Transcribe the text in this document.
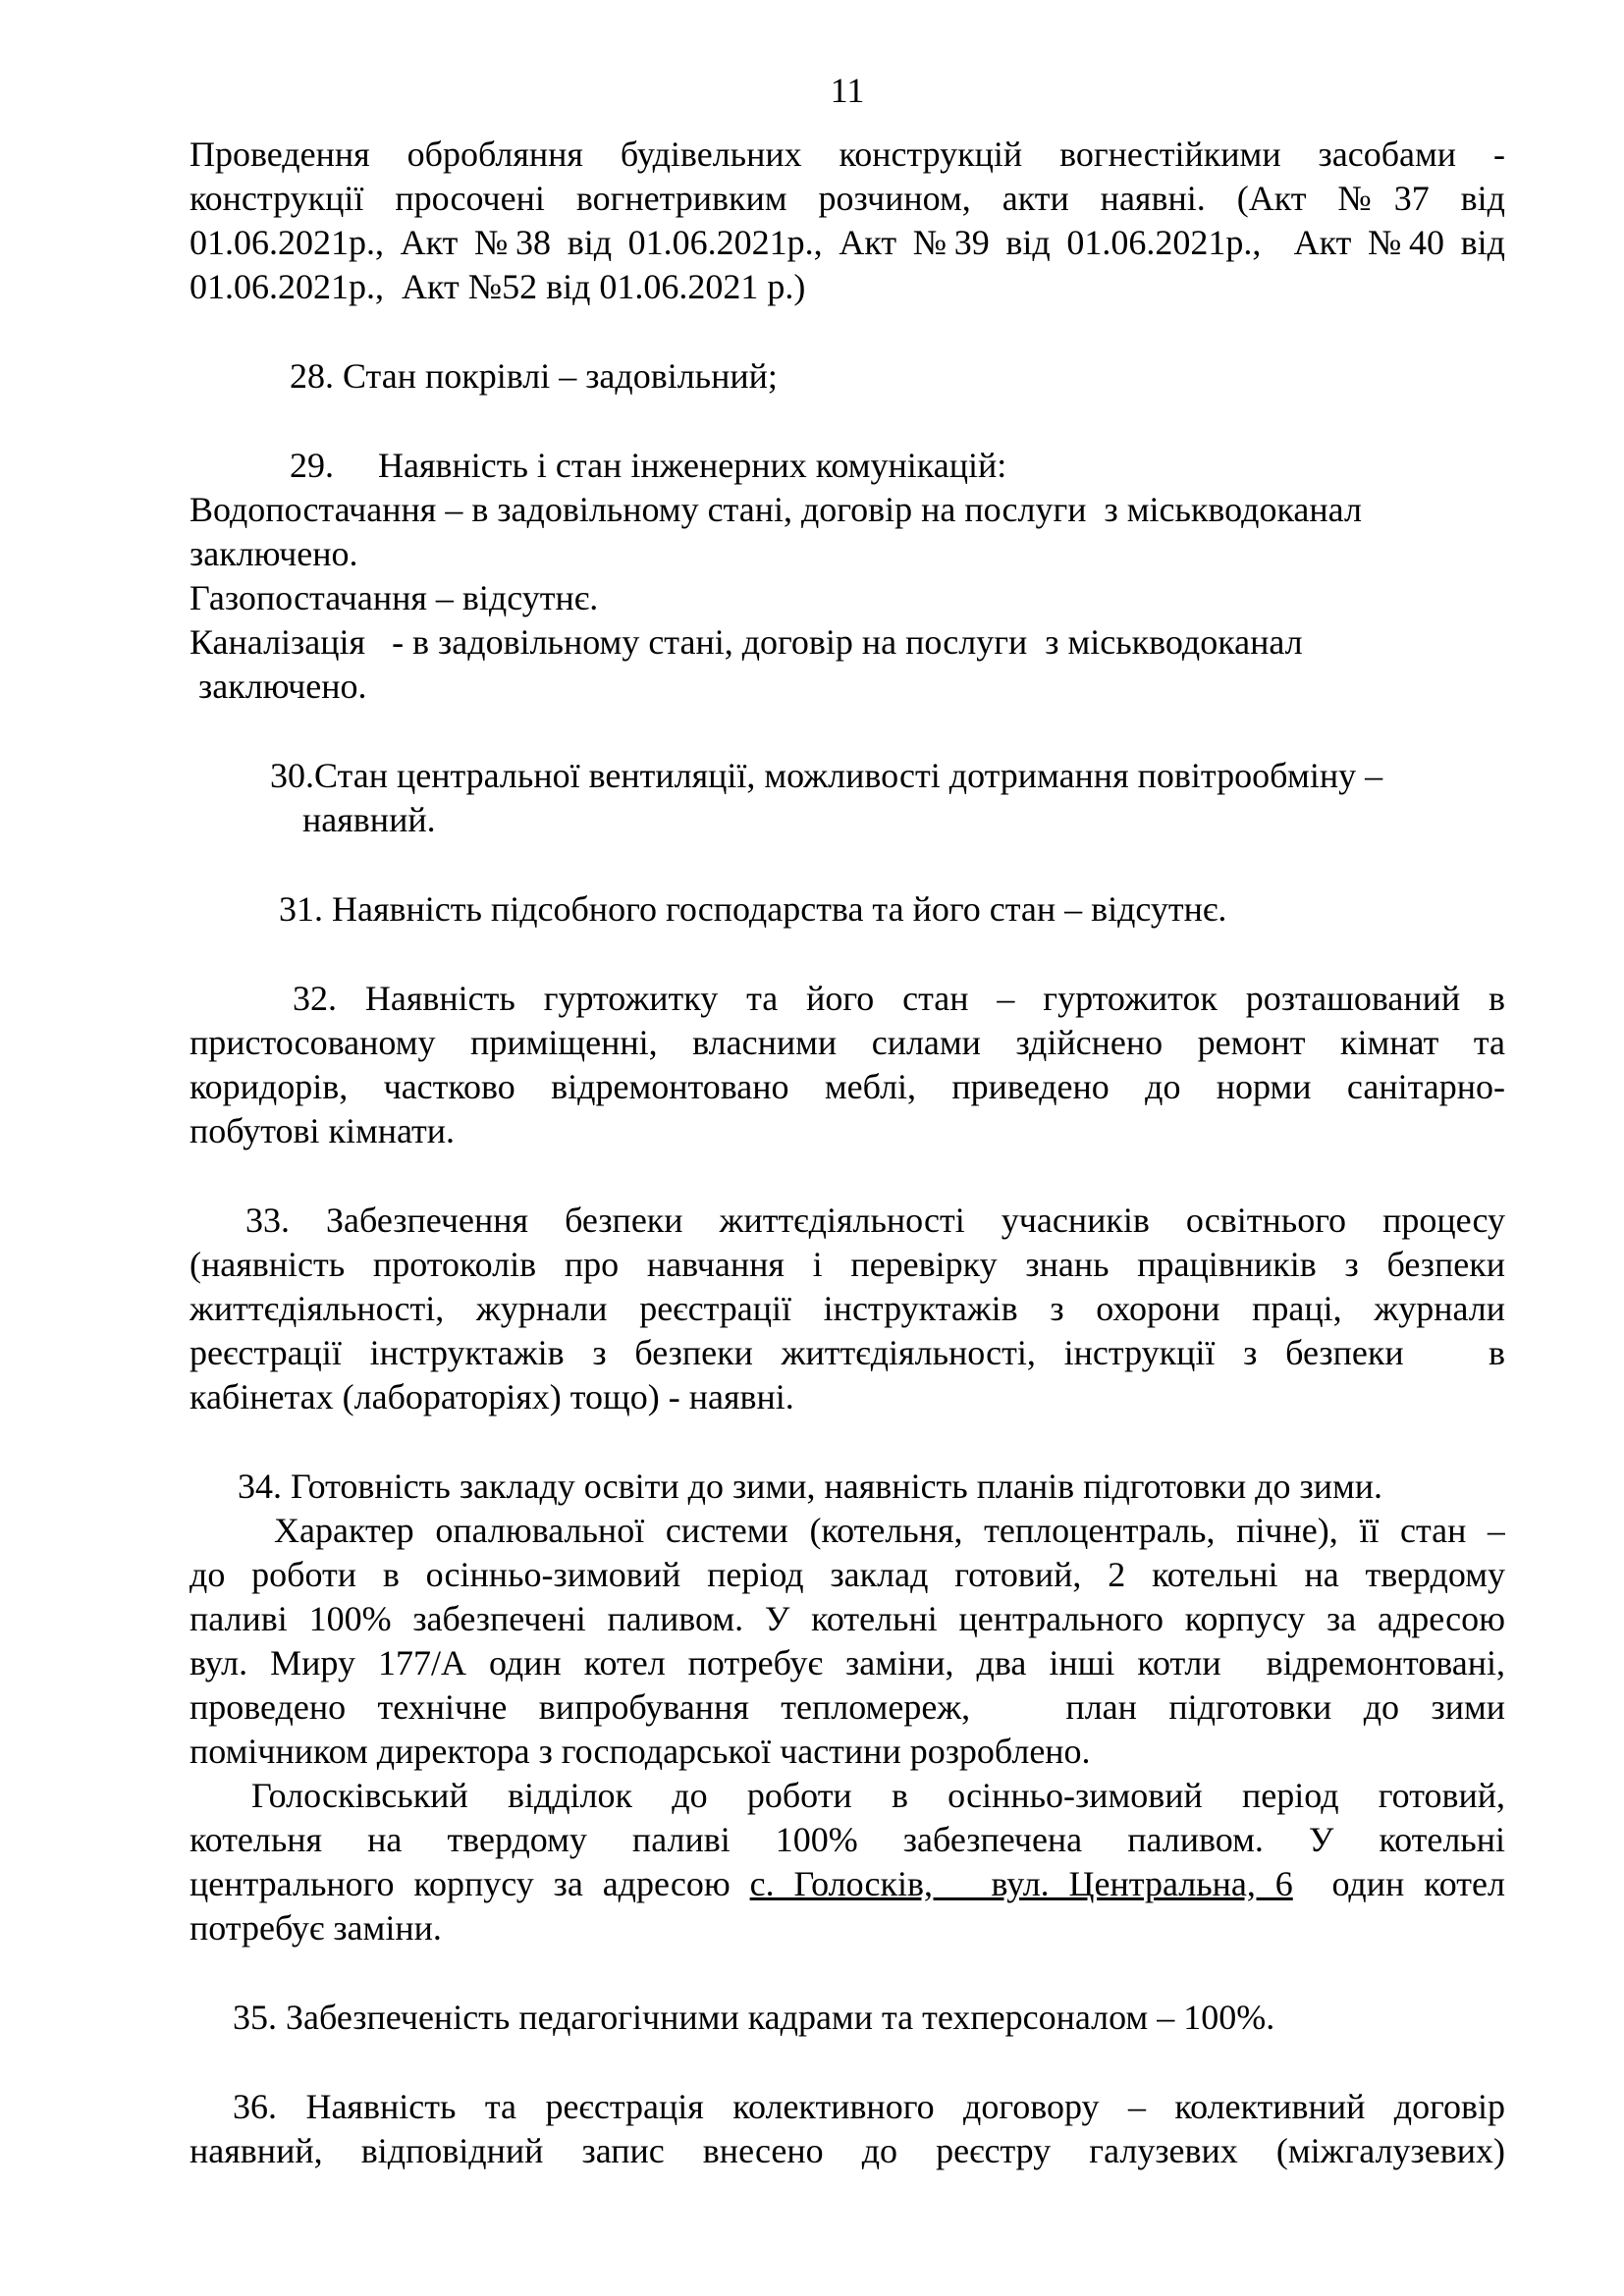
11
Проведення обробляння будівельних конструкцій вогнестійкими засобами -
конструкції просочені вогнетривким розчином, акти наявні. (Акт №37 від
01.06.2021р., Акт №38 від 01.06.2021р., Акт №39 від 01.06.2021р.,  Акт №40 від
01.06.2021р.,  Акт №52 від 01.06.2021 р.)
28. Стан покрівлі – задовільний;
29.     Наявність і стан інженерних комунікацій:
Водопостачання – в задовільному стані, договір на послуги  з міськводоканал
заключено.
Газопостачання – відсутнє.
Каналізація   - в задовільному стані, договір на послуги  з міськводоканал
заключено.
30.Стан центральної вентиляції, можливості дотримання повітрообміну –
наявний.
31. Наявність підсобного господарства та його стан – відсутнє.
32. Наявність гуртожитку та його стан – гуртожиток розташований в
пристосованому приміщенні, власними силами здійснено ремонт кімнат та
коридорів, частково відремонтовано меблі, приведено до норми санітарно-
побутові кімнати.
33. Забезпечення безпеки життєдіяльності учасників освітнього процесу
(наявність протоколів про навчання і перевірку знань працівників з безпеки
життєдіяльності, журнали реєстрації інструктажів з охорони праці, журнали
реєстрації інструктажів з безпеки життєдіяльності, інструкції з безпеки   в
кабінетах (лабораторіях) тощо) - наявні.
34. Готовність закладу освіти до зими, наявність планів підготовки до зими.
Характер опалювальної системи (котельня, теплоцентраль, пічне), її стан –
до роботи в осінньо-зимовий період заклад готовий, 2 котельні на твердому
паливі 100% забезпечені паливом. У котельні центрального корпусу за адресою
вул. Миру 177/А один котел потребує заміни, два інші котли  відремонтовані,
проведено технічне випробування тепломереж,   план підготовки до зими
помічником директора з господарської частини розроблено.
Голосківський відділок до роботи в осінньо-зимовий період готовий,
котельня на твердому паливі 100% забезпечена паливом. У котельні
центрального корпусу за адресою с. Голосків,   вул. Центральна, 6  один котел
потребує заміни.
35. Забезпеченість педагогічними кадрами та техперсоналом – 100%.
36. Наявність та реєстрація колективного договору – колективний договір
наявний, відповідний запис внесено до реєстру галузевих (міжгалузевих)
